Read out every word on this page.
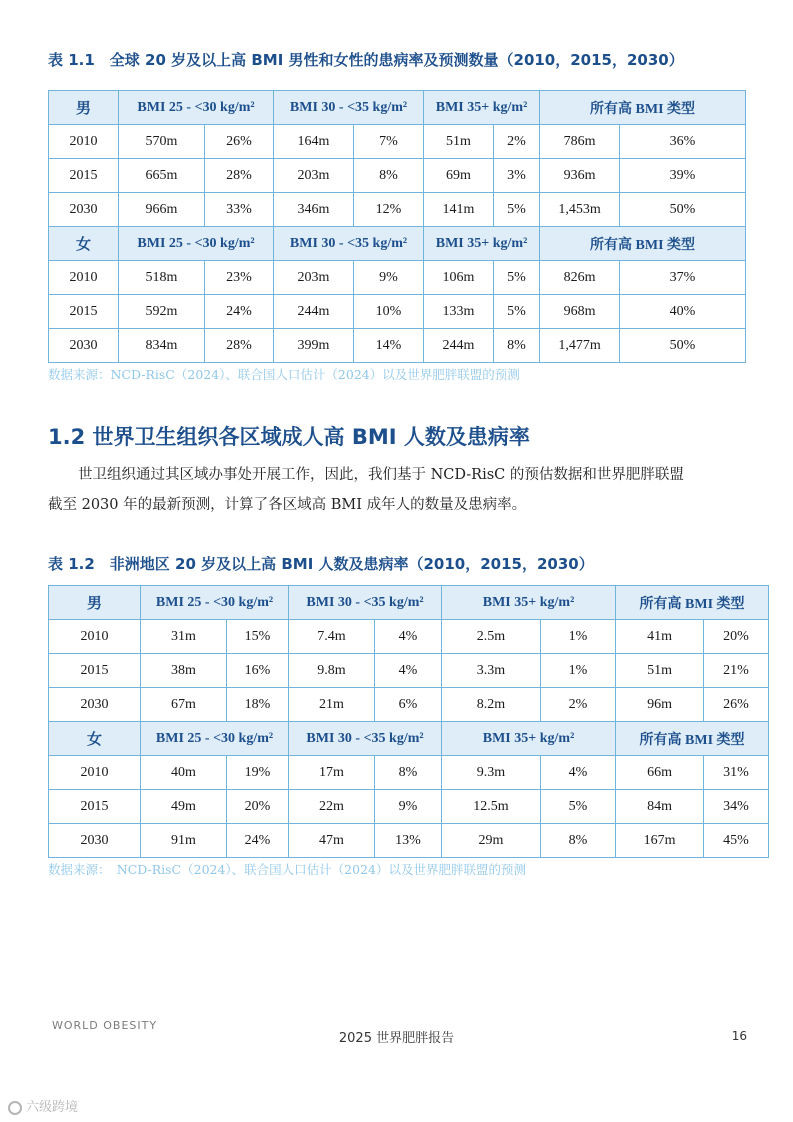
表 1.1　全球 20 岁及以上高 BMI 男性和女性的患病率及预测数量（2010，2015，2030）
男	BMI 25 - <30 kg/m²		BMI 30 - <35 kg/m²		BMI 35+ kg/m²		所有高 BMI 类型	
2010	570m	26%	164m	7%	51m	2%	786m	36%
2015	665m	28%	203m	8%	69m	3%	936m	39%
2030	966m	33%	346m	12%	141m	5%	1,453m	50%
女	BMI 25 - <30 kg/m²		BMI 30 - <35 kg/m²		BMI 35+ kg/m²		所有高 BMI 类型	
2010	518m	23%	203m	9%	106m	5%	826m	37%
2015	592m	24%	244m	10%	133m	5%	968m	40%
2030	834m	28%	399m	14%	244m	8%	1,477m	50%
数据来源：NCD-RisC（2024）、联合国人口估计（2024）以及世界肥胖联盟的预测
1.2 世界卫生组织各区域成人高 BMI 人数及患病率
世卫组织通过其区域办事处开展工作，因此，我们基于 NCD-RisC 的预估数据和世界肥胖联盟
截至 2030 年的最新预测，计算了各区域高 BMI 成年人的数量及患病率。
表 1.2　非洲地区 20 岁及以上高 BMI 人数及患病率（2010，2015，2030）
男	BMI 25 - <30 kg/m²		BMI 30 - <35 kg/m²		BMI 35+ kg/m²		所有高 BMI 类型	
2010	31m	15%	7.4m	4%	2.5m	1%	41m	20%
2015	38m	16%	9.8m	4%	3.3m	1%	51m	21%
2030	67m	18%	21m	6%	8.2m	2%	96m	26%
女	BMI 25 - <30 kg/m²		BMI 30 - <35 kg/m²		BMI 35+ kg/m²		所有高 BMI 类型	
2010	40m	19%	17m	8%	9.3m	4%	66m	31%
2015	49m	20%	22m	9%	12.5m	5%	84m	34%
2030	91m	24%	47m	13%	29m	8%	167m	45%
数据来源：　NCD-RisC（2024）、联合国人口估计（2024）以及世界肥胖联盟的预测
WORLD OBESITY
2025 世界肥胖报告	16
六级跨境
